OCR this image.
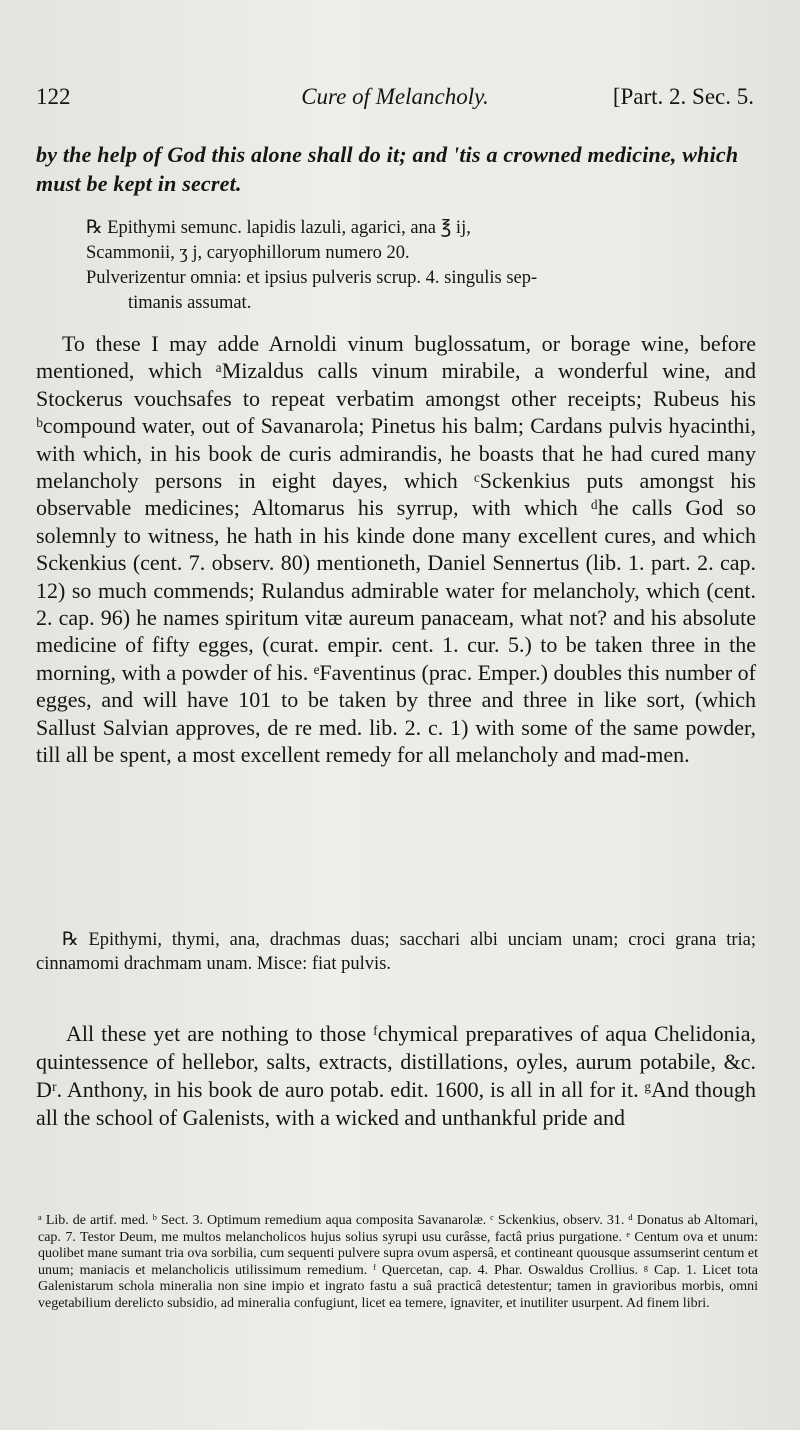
122	Cure of Melancholy.	[Part. 2. Sec. 5.
by the help of God this alone shall do it; and 'tis a crowned medicine, which must be kept in secret.

℞ Epithymi semunc. lapidis lazuli, agarici, ana ℥ ij,

Scammonii, ʒ j, caryophillorum numero 20.

Pulverizentur omnia: et ipsius pulveris scrup. 4. singulis sep-

timanis assumat.

To these I may adde Arnoldi vinum buglossatum, or borage wine, before mentioned, which ᵃMizaldus calls vinum mirabile, a wonderful wine, and Stockerus vouchsafes to repeat verbatim amongst other receipts; Rubeus his ᵇcompound water, out of Savanarola; Pinetus his balm; Cardans pulvis hyacinthi, with which, in his book de curis admirandis, he boasts that he had cured many melancholy persons in eight dayes, which ᶜSckenkius puts amongst his observable medicines; Altomarus his syrrup, with which ᵈhe calls God so solemnly to witness, he hath in his kinde done many excellent cures, and which Sckenkius (cent. 7. observ. 80) mentioneth, Daniel Sennertus (lib. 1. part. 2. cap. 12) so much commends; Rulandus admirable water for melancholy, which (cent. 2. cap. 96) he names spiritum vitæ aureum panaceam, what not? and his absolute medicine of fifty egges, (curat. empir. cent. 1. cur. 5.) to be taken three in the morning, with a powder of his. ᵉFaventinus (prac. Emper.) doubles this number of egges, and will have 101 to be taken by three and three in like sort, (which Sallust Salvian approves, de re med. lib. 2. c. 1) with some of the same powder, till all be spent, a most excellent remedy for all melancholy and mad-men.

℞ Epithymi, thymi, ana, drachmas duas; sacchari albi unciam unam; croci grana tria; cinnamomi drachmam unam. Misce: fiat pulvis.

All these yet are nothing to those ᶠchymical preparatives of aqua Chelidonia, quintessence of hellebor, salts, extracts, distillations, oyles, aurum potabile, &c. Dʳ. Anthony, in his book de auro potab. edit. 1600, is all in all for it. ᵍAnd though all the school of Galenists, with a wicked and unthankful pride and

ᵃ Lib. de artif. med. ᵇ Sect. 3. Optimum remedium aqua composita Savanarolæ. ᶜ Sckenkius, observ. 31. ᵈ Donatus ab Altomari, cap. 7. Testor Deum, me multos melancholicos hujus solius syrupi usu curâsse, factâ prius purgatione. ᵉ Centum ova et unum: quolibet mane sumant tria ova sorbilia, cum sequenti pulvere supra ovum aspersâ, et contineant quousque assumserint centum et unum; maniacis et melancholicis utilissimum remedium. ᶠ Quercetan, cap. 4. Phar. Oswaldus Crollius. ᵍ Cap. 1. Licet tota Galenistarum schola mineralia non sine impio et ingrato fastu a suâ practicâ detestentur; tamen in gravioribus morbis, omni vegetabilium derelicto subsidio, ad mineralia confugiunt, licet ea temere, ignaviter, et inutiliter usurpent. Ad finem libri.
